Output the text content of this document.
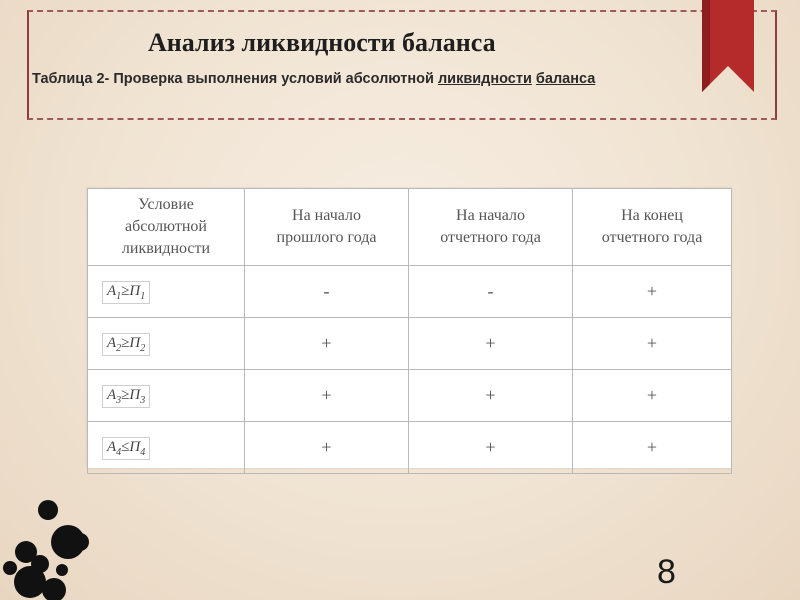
Анализ ликвидности баланса

Таблица 2- Проверка выполнения условий абсолютной ликвидности баланса

Условие абсолютной ликвидности	На начало прошлого года	На начало отчетного года	На конец отчетного года
$A_1\ge П_1$	-	-	+
$A_2\ge П_2$	+	+	+
$A_3\ge П_3$	+	+	+
$A_4\le П_4$	+	+	+
8
